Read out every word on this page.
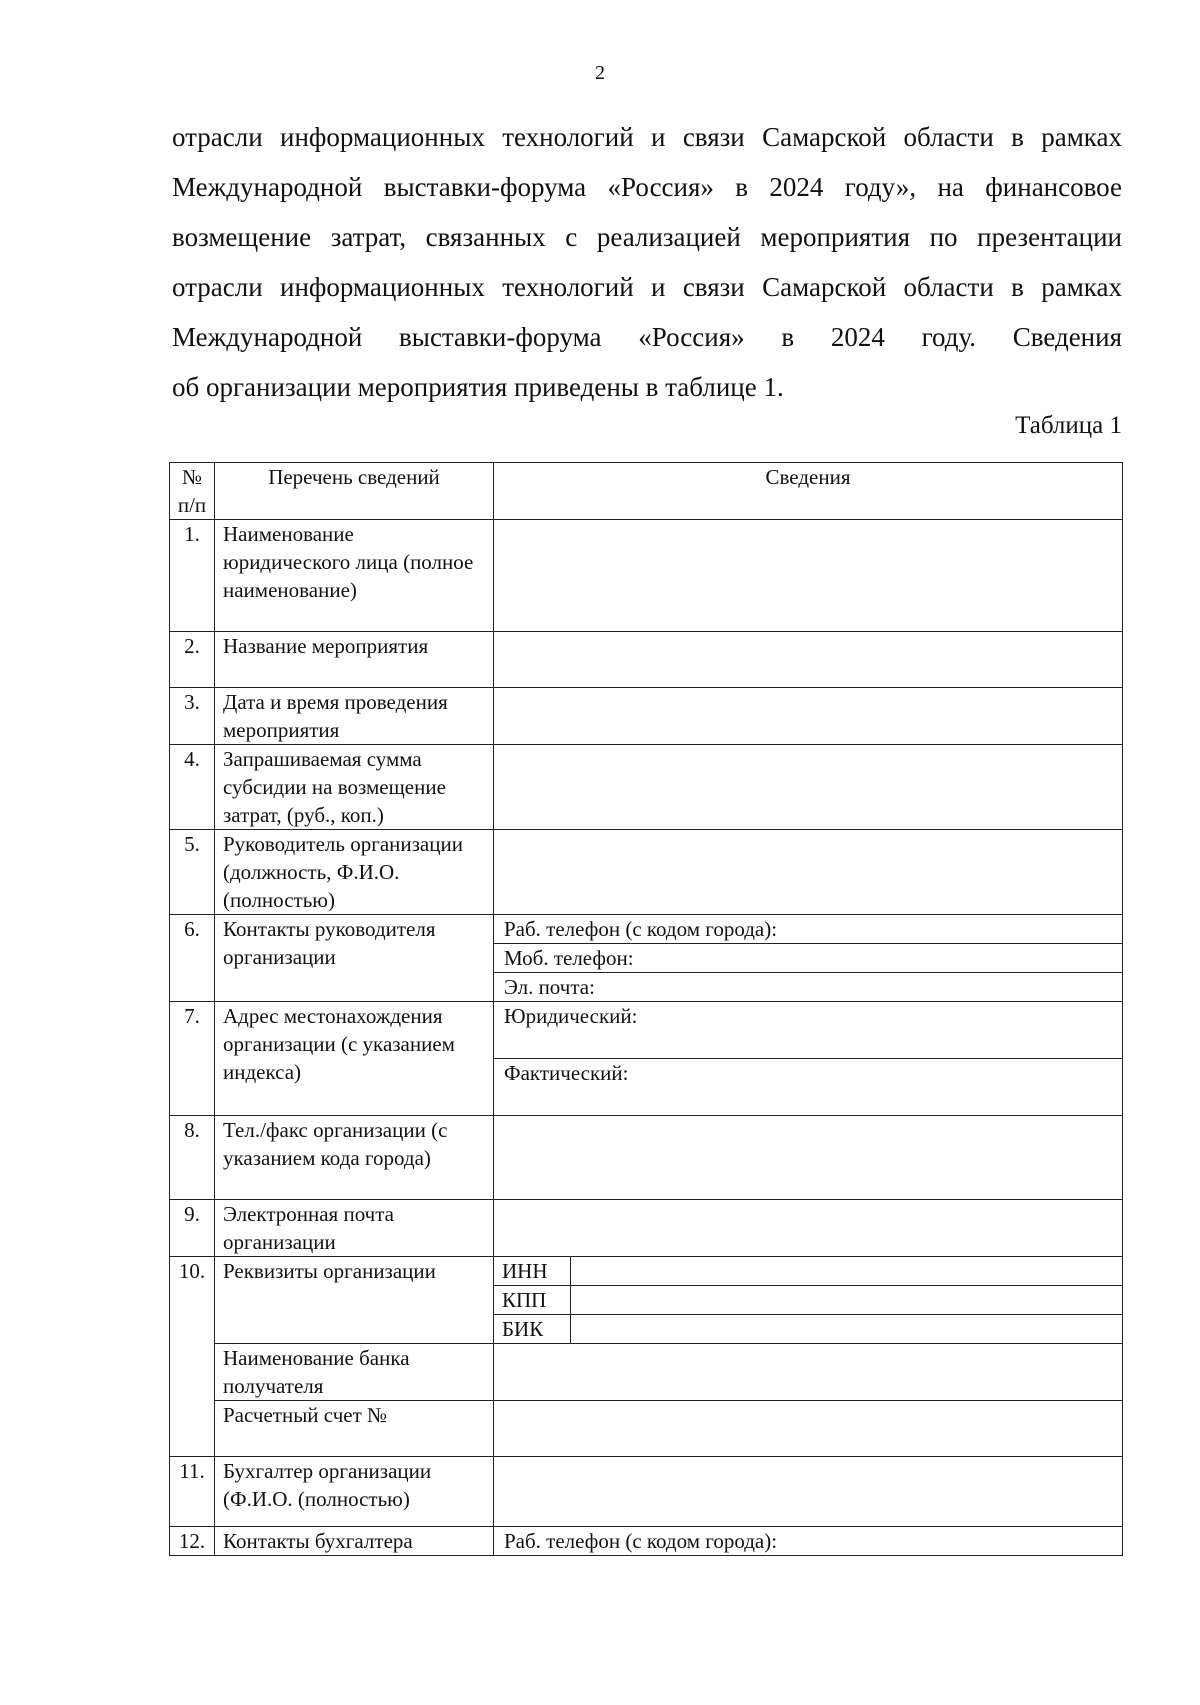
2

отрасли информационных технологий и связи Самарской области в рамках

Международной выставки-форума «Россия» в 2024 году», на финансовое

возмещение затрат, связанных с реализацией мероприятия по презентации

отрасли информационных технологий и связи Самарской области в рамках

Международной выставки-форума «Россия» в 2024 году. Сведения

об организации мероприятия приведены в таблице 1.

Таблица 1
№ п/п	Перечень сведений	Сведения
1.	Наименование юридического лица (полное наименование)	
2.	Название мероприятия	
3.	Дата и время проведения мероприятия	
4.	Запрашиваемая сумма субсидии на возмещение затрат, (руб., коп.)	
5.	Руководитель организации (должность, Ф.И.О. (полностью)	
6.	Контакты руководителя организации	Раб. телефон (с кодом города):
Моб. телефон:
Эл. почта:

7.	Адрес местонахождения организации (с указанием индекса)	Юридический:
Фактический:

8.	Тел./факс организации (с указанием кода города)	
9.	Электронная почта организации	
10.	Реквизиты организации	ИНН
КПП
БИК

	Наименование банка получателя	
	Расчетный счет №	
11.	Бухгалтер организации (Ф.И.О. (полностью)	
12.	Контакты бухгалтера	Раб. телефон (с кодом города):
